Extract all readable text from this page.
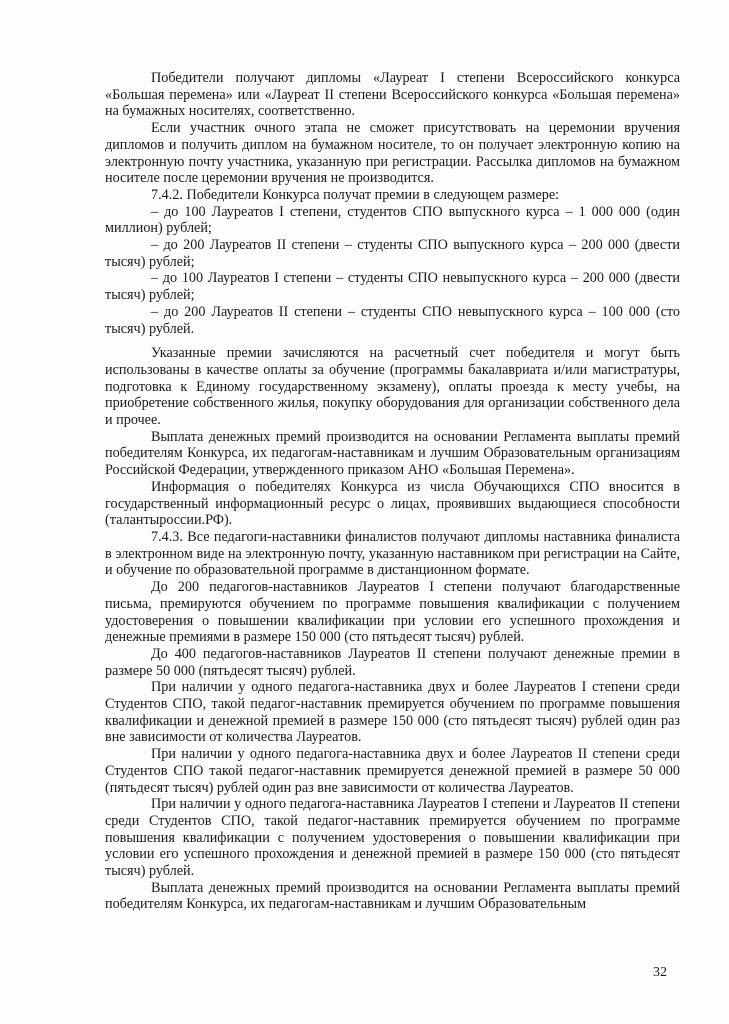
Победители получают дипломы «Лауреат I степени Всероссийского конкурса «Большая перемена» или «Лауреат II степени Всероссийского конкурса «Большая перемена» на бумажных носителях, соответственно.

Если участник очного этапа не сможет присутствовать на церемонии вручения дипломов и получить диплом на бумажном носителе, то он получает электронную копию на электронную почту участника, указанную при регистрации. Рассылка дипломов на бумажном носителе после церемонии вручения не производится.

7.4.2. Победители Конкурса получат премии в следующем размере:

– до 100 Лауреатов I степени, студентов СПО выпускного курса – 1 000 000 (один миллион) рублей;

– до 200 Лауреатов II степени – студенты СПО выпускного курса – 200 000 (двести тысяч) рублей;

– до 100 Лауреатов I степени – студенты СПО невыпускного курса – 200 000 (двести тысяч) рублей;

– до 200 Лауреатов II степени – студенты СПО невыпускного курса – 100 000 (сто тысяч) рублей.

Указанные премии зачисляются на расчетный счет победителя и могут быть использованы в качестве оплаты за обучение (программы бакалавриата и/или магистратуры, подготовка к Единому государственному экзамену), оплаты проезда к месту учебы, на приобретение собственного жилья, покупку оборудования для организации собственного дела и прочее.

Выплата денежных премий производится на основании Регламента выплаты премий победителям Конкурса, их педагогам-наставникам и лучшим Образовательным организациям Российской Федерации, утвержденного приказом АНО «Большая Перемена».

Информация о победителях Конкурса из числа Обучающихся СПО вносится в государственный информационный ресурс о лицах, проявивших выдающиеся способности (талантыроссии.РФ).

7.4.3. Все педагоги-наставники финалистов получают дипломы наставника финалиста в электронном виде на электронную почту, указанную наставником при регистрации на Сайте, и обучение по образовательной программе в дистанционном формате.

До 200 педагогов-наставников Лауреатов I степени получают благодарственные письма, премируются обучением по программе повышения квалификации с получением удостоверения о повышении квалификации при условии его успешного прохождения и денежные премиями в размере 150 000 (сто пятьдесят тысяч) рублей.

До 400 педагогов-наставников Лауреатов II степени получают денежные премии в размере 50 000 (пятьдесят тысяч) рублей.

При наличии у одного педагога-наставника двух и более Лауреатов I степени среди Студентов СПО, такой педагог-наставник премируется обучением по программе повышения квалификации и денежной премией в размере 150 000 (сто пятьдесят тысяч) рублей один раз вне зависимости от количества Лауреатов.

При наличии у одного педагога-наставника двух и более Лауреатов II степени среди Студентов СПО такой педагог-наставник премируется денежной премией в размере 50 000 (пятьдесят тысяч) рублей один раз вне зависимости от количества Лауреатов.

При наличии у одного педагога-наставника Лауреатов I степени и Лауреатов II степени среди Студентов СПО, такой педагог-наставник премируется обучением по программе повышения квалификации с получением удостоверения о повышении квалификации при условии его успешного прохождения и денежной премией в размере 150 000 (сто пятьдесят тысяч) рублей.

Выплата денежных премий производится на основании Регламента выплаты премий победителям Конкурса, их педагогам-наставникам и лучшим Образовательным

32
